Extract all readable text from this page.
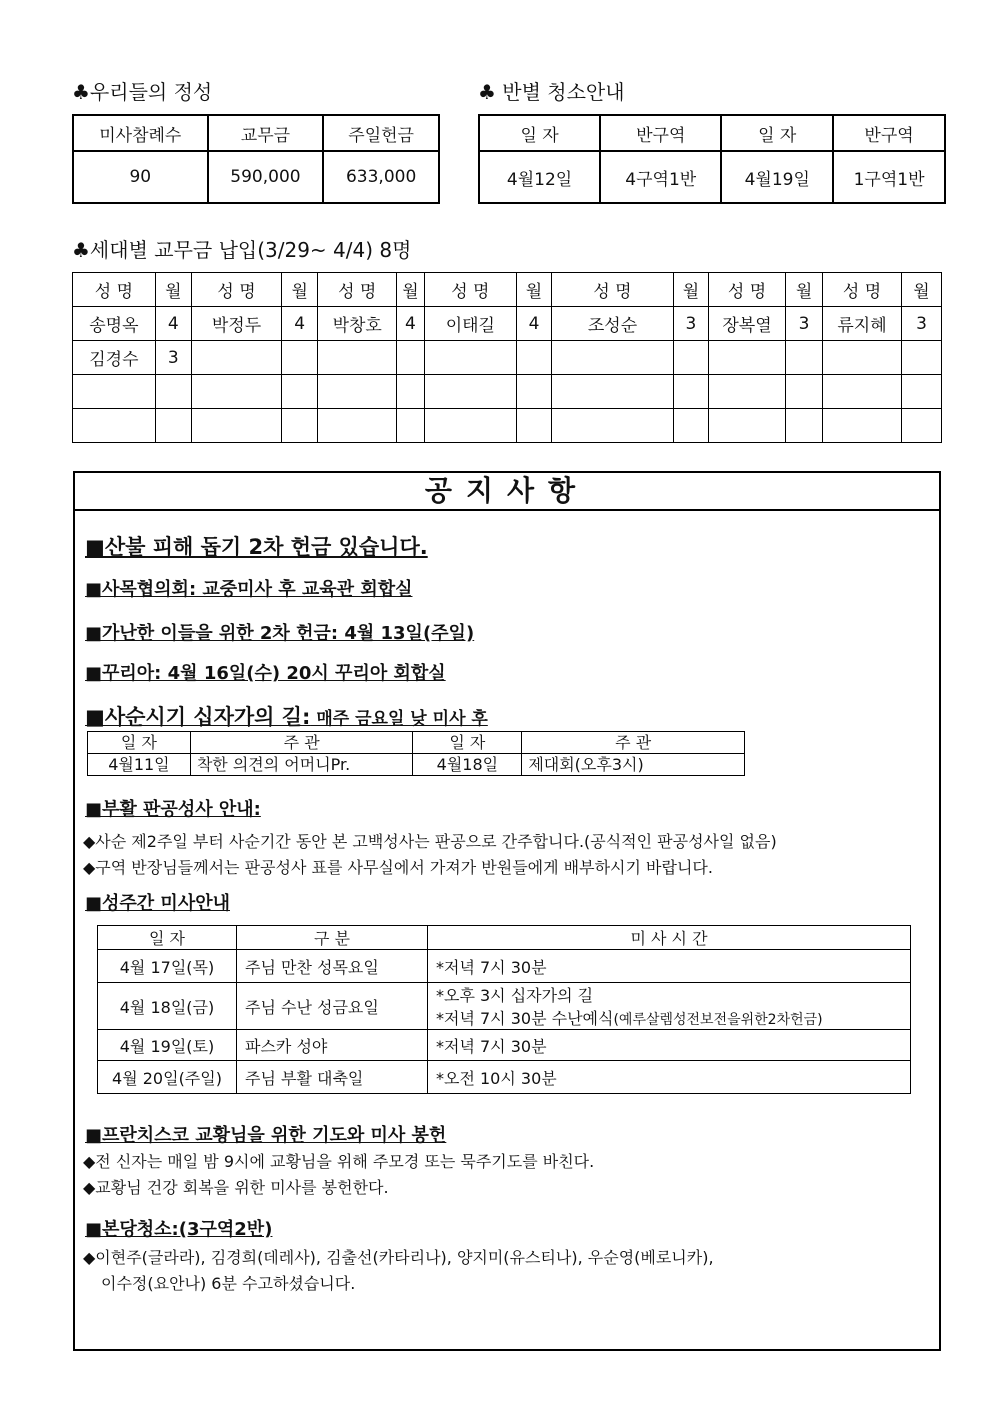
♣우리들의 정성
미사참례수	교무금	주일헌금
90	590,000	633,000
♣ 반별 청소안내
일 자	반구역	일 자	반구역
4월12일	4구역1반	4월19일	1구역1반
♣세대별 교무금 납입(3/29~ 4/4) 8명
성 명	월	성 명	월	성 명	월	성 명	월	성 명	월	성 명	월	성 명	월
송명옥	4	박정두	4	박창호	4	이태길	4	조성순	3	장복열	3	류지혜	3
김경수	3												

공지사항
■산불 피해 돕기 2차 헌금 있습니다.
■사목협의회: 교중미사 후 교육관 회합실
■가난한 이들을 위한 2차 헌금: 4월 13일(주일)
■꾸리아: 4월 16일(수) 20시 꾸리아 회합실
■사순시기 십자가의 길: 매주 금요일 낮 미사 후
일 자	주 관	일 자	주 관
4월11일	착한 의견의 어머니Pr.	4월18일	제대회(오후3시)
■부활 판공성사 안내:
◆사순 제2주일 부터 사순기간 동안 본 고백성사는 판공으로 간주합니다.(공식적인 판공성사일 없음)
◆구역 반장님들께서는 판공성사 표를 사무실에서 가져가 반원들에게 배부하시기 바랍니다.
■성주간 미사안내
일 자	구 분	미 사 시 간
4월 17일(목)	주님 만찬 성목요일	*저녁 7시 30분
4월 18일(금)	주님 수난 성금요일	*오후 3시 십자가의 길
*저녁 7시 30분 수난예식(예루살렘성전보전을위한2차헌금)

4월 19일(토)	파스카 성야	*저녁 7시 30분
4월 20일(주일)	주님 부활 대축일	*오전 10시 30분
■프란치스코 교황님을 위한 기도와 미사 봉헌
◆전 신자는 매일 밤 9시에 교황님을 위해 주모경 또는 묵주기도를 바친다.
◆교황님 건강 회복을 위한 미사를 봉헌한다.
■본당청소:(3구역2반)
◆이현주(글라라), 김경희(데레사), 김출선(카타리나), 양지미(유스티나), 우순영(베로니카),
이수정(요안나) 6분 수고하셨습니다.
